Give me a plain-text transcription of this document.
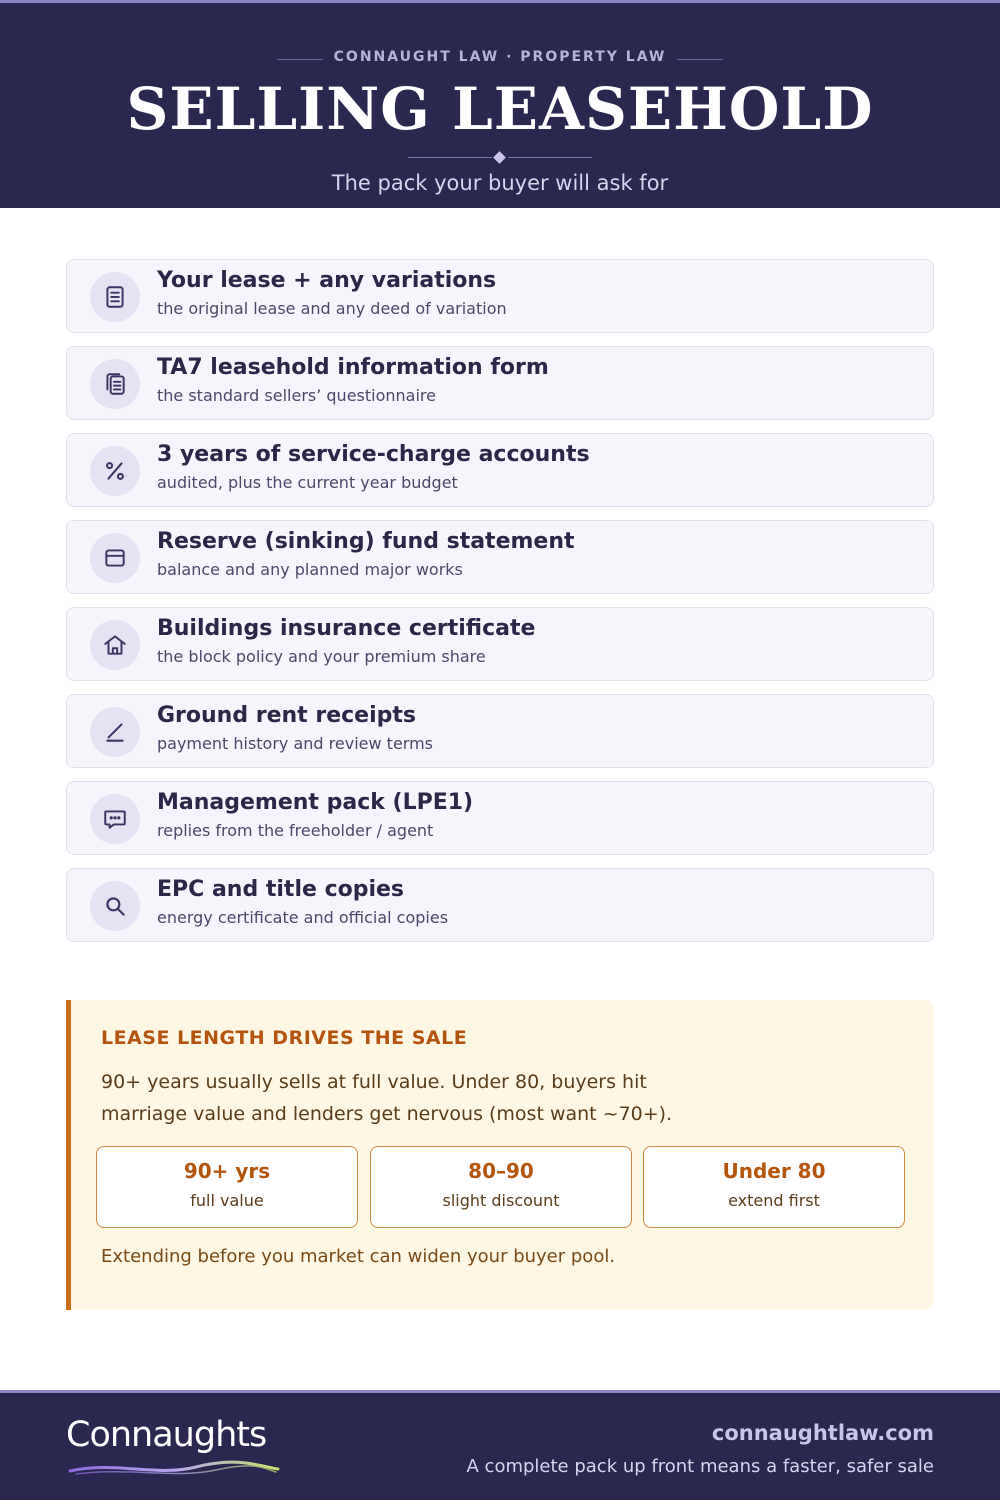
CONNAUGHT LAW · PROPERTY LAW
SELLING LEASEHOLD
The pack your buyer will ask for
Your lease + any variations
the original lease and any deed of variation
TA7 leasehold information form
the standard sellers’ questionnaire
3 years of service-charge accounts
audited, plus the current year budget
Reserve (sinking) fund statement
balance and any planned major works
Buildings insurance certificate
the block policy and your premium share
Ground rent receipts
payment history and review terms
Management pack (LPE1)
replies from the freeholder / agent
EPC and title copies
energy certificate and official copies
LEASE LENGTH DRIVES THE SALE
90+ years usually sells at full value. Under 80, buyers hit marriage value and lenders get nervous (most want ~70+).
90+ yrs
full value
80–90
slight discount
Under 80
extend first
Extending before you market can widen your buyer pool.
Connaughts	connaughtlaw.com
A complete pack up front means a faster, safer sale
